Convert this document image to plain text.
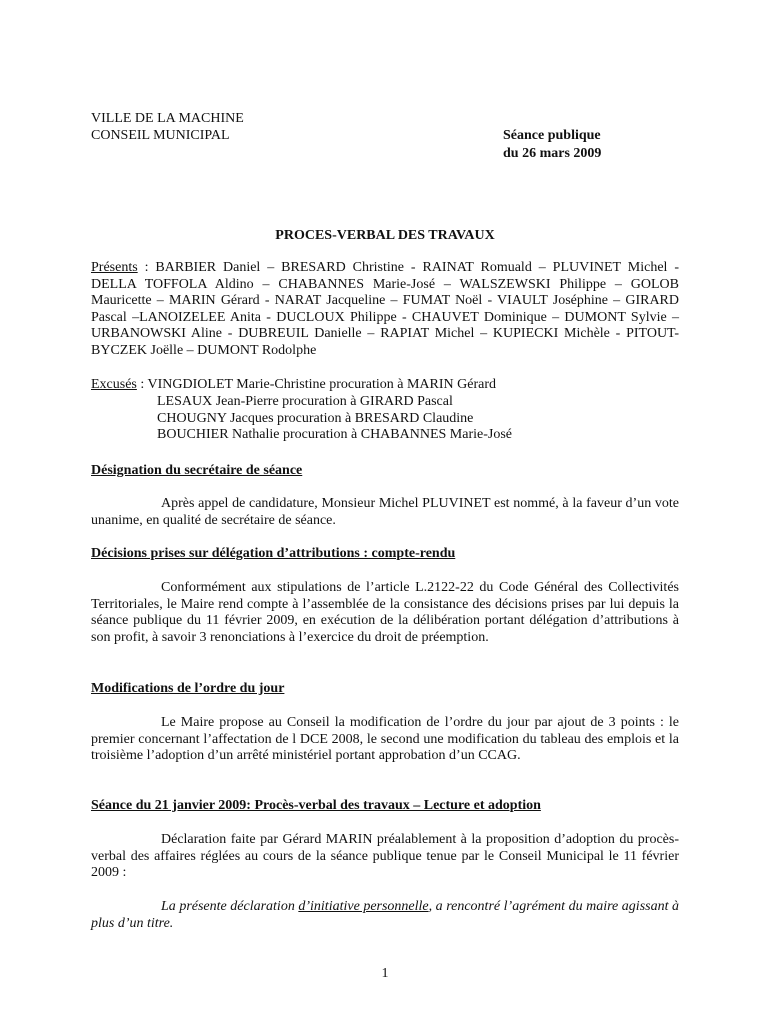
VILLE DE LA MACHINE
CONSEIL MUNICIPAL	Séance publique
du 26 mars 2009
PROCES-VERBAL DES TRAVAUX
Présents : BARBIER Daniel – BRESARD Christine - RAINAT Romuald – PLUVINET Michel - DELLA TOFFOLA Aldino – CHABANNES Marie-José – WALSZEWSKI Philippe – GOLOB Mauricette – MARIN Gérard - NARAT Jacqueline – FUMAT Noël - VIAULT Joséphine – GIRARD Pascal –LANOIZELEE Anita - DUCLOUX Philippe - CHAUVET Dominique – DUMONT Sylvie – URBANOWSKI Aline - DUBREUIL Danielle – RAPIAT Michel – KUPIECKI Michèle - PITOUT-BYCZEK Joëlle – DUMONT Rodolphe
Excusés : VINGDIOLET Marie-Christine procuration à MARIN Gérard
LESAUX Jean-Pierre procuration à GIRARD Pascal
CHOUGNY Jacques procuration à BRESARD Claudine
BOUCHIER Nathalie procuration à CHABANNES Marie-José
Désignation du secrétaire de séance
Après appel de candidature, Monsieur Michel PLUVINET est nommé, à la faveur d’un vote unanime, en qualité de secrétaire de séance.
Décisions prises sur délégation d’attributions : compte-rendu
Conformément aux stipulations de l’article L.2122-22 du Code Général des Collectivités Territoriales, le Maire rend compte à l’assemblée de la consistance des décisions prises par lui depuis la séance publique du 11 février 2009, en exécution de la délibération portant délégation d’attributions à son profit, à savoir 3 renonciations à l’exercice du droit de préemption.
Modifications de l’ordre du jour
Le Maire propose au Conseil la modification de l’ordre du jour par ajout de 3 points : le premier concernant l’affectation de l DCE 2008, le second une modification du tableau des emplois et la troisième l’adoption d’un arrêté ministériel portant approbation d’un CCAG.
Séance du 21 janvier 2009: Procès-verbal des travaux – Lecture et adoption
Déclaration faite par Gérard MARIN préalablement à la proposition d’adoption du procès-verbal des affaires réglées au cours de la séance publique tenue par le Conseil Municipal le 11 février 2009 :
La présente déclaration d’initiative personnelle, a rencontré l’agrément du maire agissant à plus d’un titre.
1
